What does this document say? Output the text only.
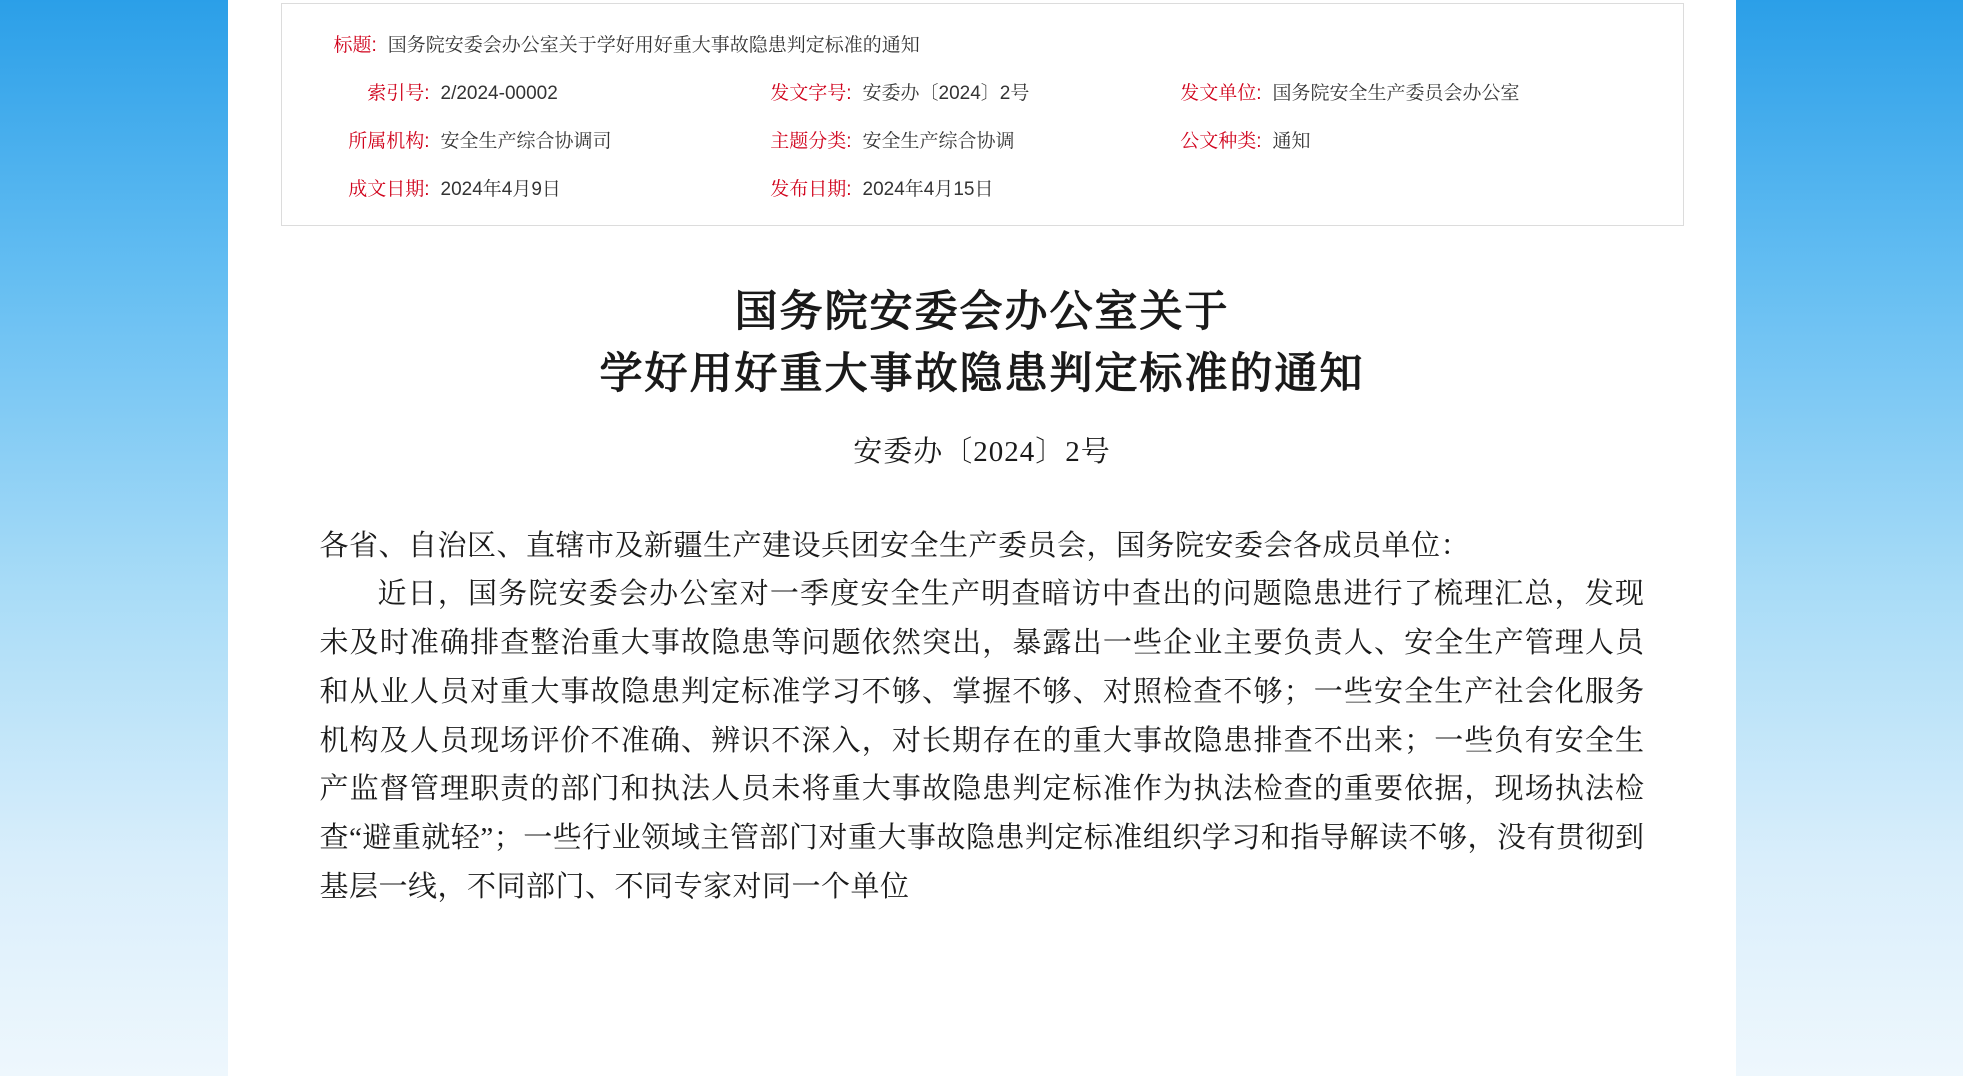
标题: 国务院安委会办公室关于学好用好重大事故隐患判定标准的通知
索引号: 2/2024-00002	发文字号: 安委办〔2024〕2号	发文单位: 国务院安全生产委员会办公室
所属机构: 安全生产综合协调司	主题分类: 安全生产综合协调	公文种类: 通知
成文日期: 2024年4月9日	发布日期: 2024年4月15日
国务院安委会办公室关于
学好用好重大事故隐患判定标准的通知
安委办〔2024〕2号

各省、自治区、直辖市及新疆生产建设兵团安全生产委员会，国务院安委会各成员单位：

近日，国务院安委会办公室对一季度安全生产明查暗访中查出的问题隐患进行了梳理汇总，发现未及时准确排查整治重大事故隐患等问题依然突出，暴露出一些企业主要负责人、安全生产管理人员和从业人员对重大事故隐患判定标准学习不够、掌握不够、对照检查不够；一些安全生产社会化服务机构及人员现场评价不准确、辨识不深入，对长期存在的重大事故隐患排查不出来；一些负有安全生产监督管理职责的部门和执法人员未将重大事故隐患判定标准作为执法检查的重要依据，现场执法检查“避重就轻”；一些行业领域主管部门对重大事故隐患判定标准组织学习和指导解读不够，没有贯彻到基层一线，不同部门、不同专家对同一个单位
